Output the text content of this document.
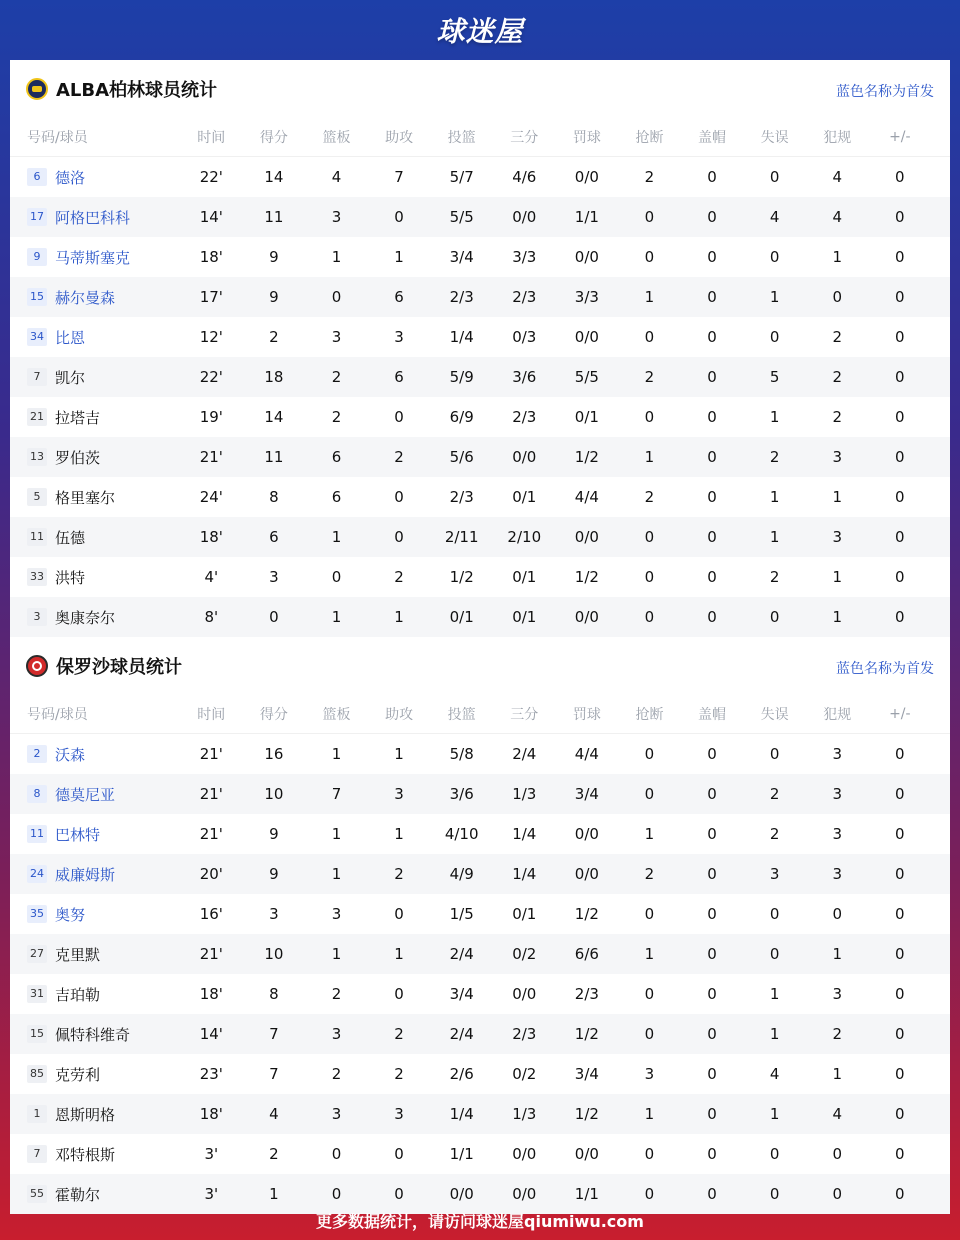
球迷屋
ALBA柏林球员统计	蓝色名称为首发
号码/球员	时间	得分	篮板	助攻	投篮	三分	罚球	抢断	盖帽	失误	犯规	+/-
6 德洛	22'	14	4	7	5/7	4/6	0/0	2	0	0	4	0
17 阿格巴科科	14'	11	3	0	5/5	0/0	1/1	0	0	4	4	0
9 马蒂斯塞克	18'	9	1	1	3/4	3/3	0/0	0	0	0	1	0
15 赫尔曼森	17'	9	0	6	2/3	2/3	3/3	1	0	1	0	0
34 比恩	12'	2	3	3	1/4	0/3	0/0	0	0	0	2	0
7 凯尔	22'	18	2	6	5/9	3/6	5/5	2	0	5	2	0
21 拉塔吉	19'	14	2	0	6/9	2/3	0/1	0	0	1	2	0
13 罗伯茨	21'	11	6	2	5/6	0/0	1/2	1	0	2	3	0
5 格里塞尔	24'	8	6	0	2/3	0/1	4/4	2	0	1	1	0
11 伍德	18'	6	1	0	2/11	2/10	0/0	0	0	1	3	0
33 洪特	4'	3	0	2	1/2	0/1	1/2	0	0	2	1	0
3 奥康奈尔	8'	0	1	1	0/1	0/1	0/0	0	0	0	1	0
保罗沙球员统计	蓝色名称为首发
号码/球员	时间	得分	篮板	助攻	投篮	三分	罚球	抢断	盖帽	失误	犯规	+/-
2 沃森	21'	16	1	1	5/8	2/4	4/4	0	0	0	3	0
8 德莫尼亚	21'	10	7	3	3/6	1/3	3/4	0	0	2	3	0
11 巴林特	21'	9	1	1	4/10	1/4	0/0	1	0	2	3	0
24 威廉姆斯	20'	9	1	2	4/9	1/4	0/0	2	0	3	3	0
35 奥努	16'	3	3	0	1/5	0/1	1/2	0	0	0	0	0
27 克里默	21'	10	1	1	2/4	0/2	6/6	1	0	0	1	0
31 吉珀勒	18'	8	2	0	3/4	0/0	2/3	0	0	1	3	0
15 佩特科维奇	14'	7	3	2	2/4	2/3	1/2	0	0	1	2	0
85 克劳利	23'	7	2	2	2/6	0/2	3/4	3	0	4	1	0
1 恩斯明格	18'	4	3	3	1/4	1/3	1/2	1	0	1	4	0
7 邓特根斯	3'	2	0	0	1/1	0/0	0/0	0	0	0	0	0
55 霍勒尔	3'	1	0	0	0/0	0/0	1/1	0	0	0	0	0
更多数据统计，请访问球迷屋qiumiwu.com
